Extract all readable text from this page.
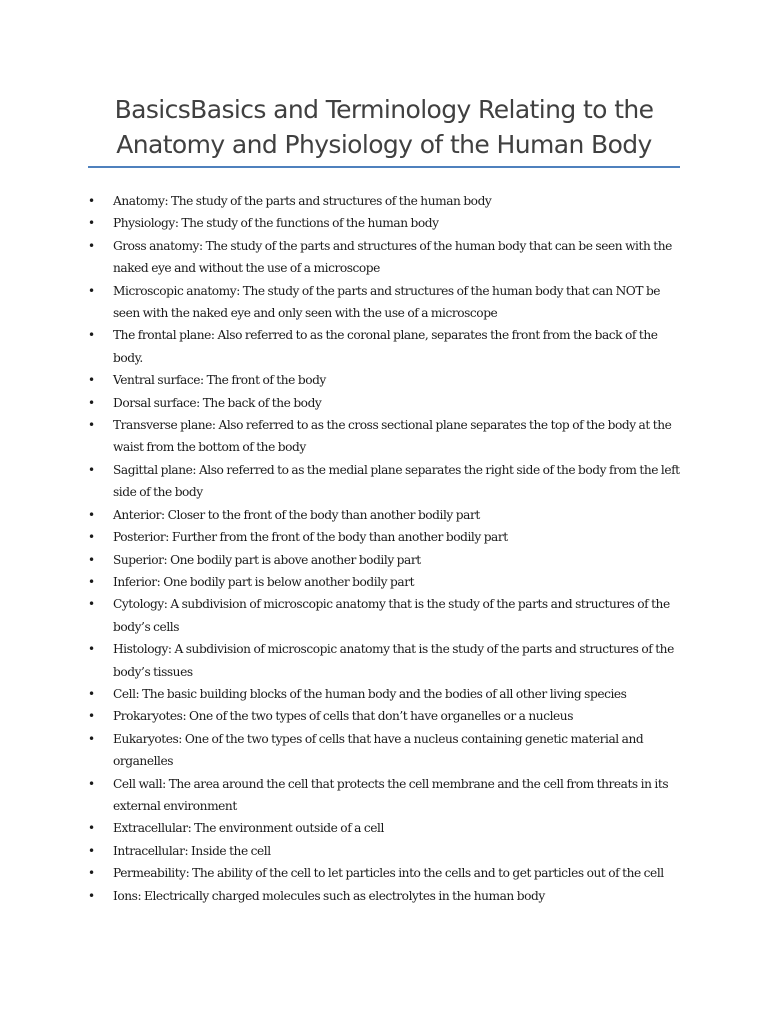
BasicsBasics and Terminology Relating to the
Anatomy and Physiology of the Human Body
• Anatomy: The study of the parts and structures of the human body
• Physiology: The study of the functions of the human body
• Gross anatomy: The study of the parts and structures of the human body that can be seen with the naked eye and without the use of a microscope
• Microscopic anatomy: The study of the parts and structures of the human body that can NOT be seen with the naked eye and only seen with the use of a microscope
• The frontal plane: Also referred to as the coronal plane, separates the front from the back of the body.
• Ventral surface: The front of the body
• Dorsal surface: The back of the body
• Transverse plane: Also referred to as the cross sectional plane separates the top of the body at the waist from the bottom of the body
• Sagittal plane: Also referred to as the medial plane separates the right side of the body from the left side of the body
• Anterior: Closer to the front of the body than another bodily part
• Posterior: Further from the front of the body than another bodily part
• Superior: One bodily part is above another bodily part
• Inferior: One bodily part is below another bodily part
• Cytology: A subdivision of microscopic anatomy that is the study of the parts and structures of the body’s cells
• Histology: A subdivision of microscopic anatomy that is the study of the parts and structures of the body’s tissues
• Cell: The basic building blocks of the human body and the bodies of all other living species
• Prokaryotes: One of the two types of cells that don’t have organelles or a nucleus
• Eukaryotes: One of the two types of cells that have a nucleus containing genetic material and organelles
• Cell wall: The area around the cell that protects the cell membrane and the cell from threats in its external environment
• Extracellular: The environment outside of a cell
• Intracellular: Inside the cell
• Permeability: The ability of the cell to let particles into the cells and to get particles out of the cell
• Ions: Electrically charged molecules such as electrolytes in the human body
